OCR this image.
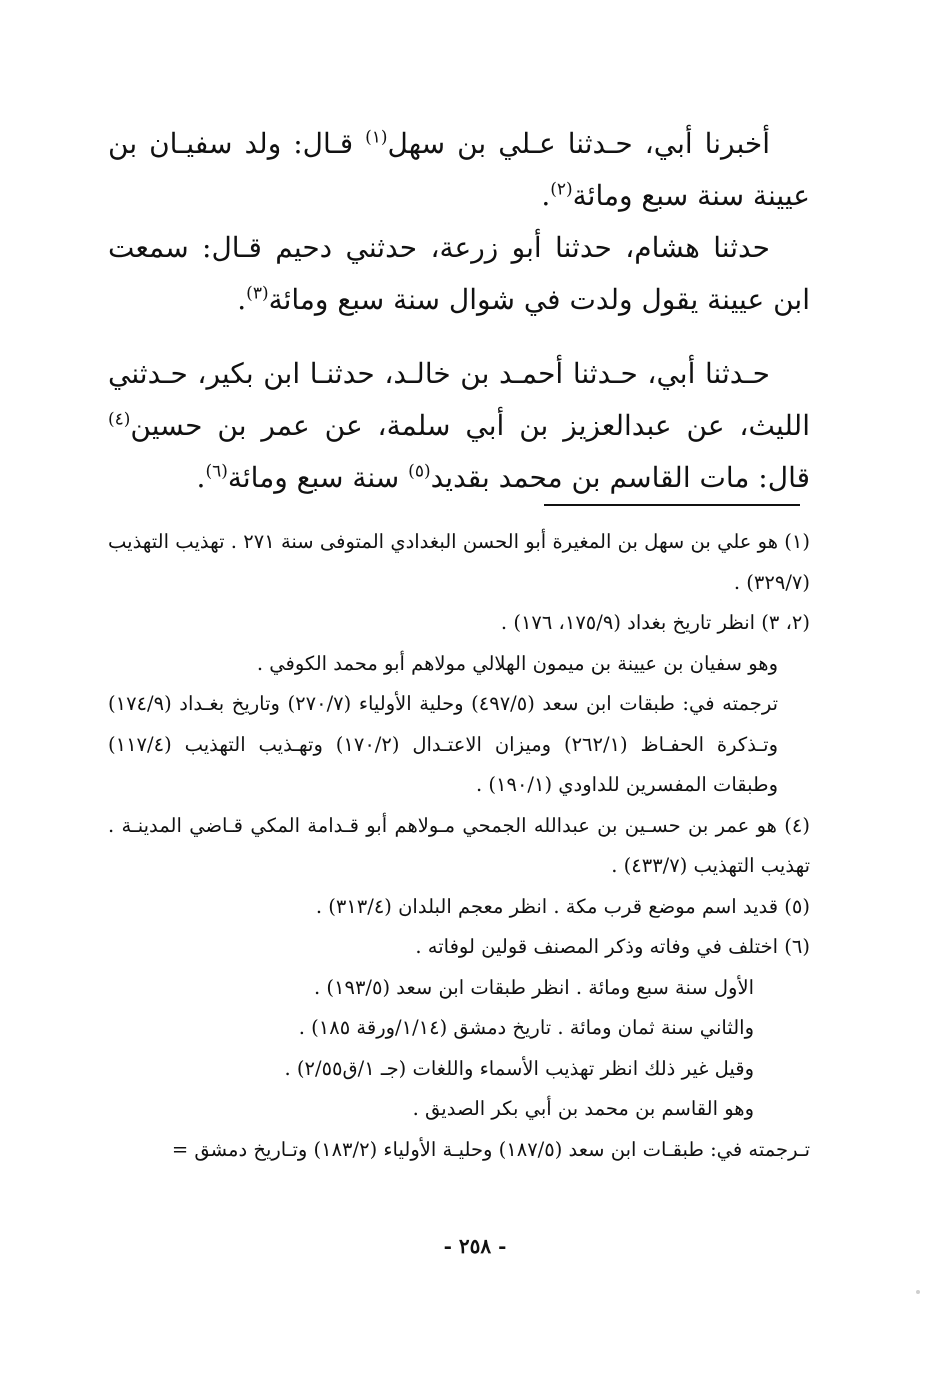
أخبرنا أبي، حـدثنا عـلي بن سهل$^{(١)}$ قـال: ولد سفيـان بن عيينة سنة سبع ومائة$^{(٢)}$.

حدثنا هشام، حدثنا أبو زرعة، حدثني دحيم قـال: سمعت ابن عيينة يقول ولدت في شوال سنة سبع ومائة$^{(٣)}$.

حـدثنا أبي، حـدثنا أحمـد بن خالـد، حدثنـا ابن بكير، حـدثني الليث، عن عبدالعزيز بن أبي سلمة، عن عمر بن حسين$^{(٤)}$ قال: مات القاسم بن محمد بقديد$^{(٥)}$ سنة سبع ومائة$^{(٦)}$.

(١) هو علي بن سهل بن المغيرة أبو الحسن البغدادي المتوفى سنة ٢٧١ . تهذيب التهذيب (٣٢٩/٧) .

(٢، ٣) انظر تاريخ بغداد (١٧٥/٩، ١٧٦) .

وهو سفيان بن عيينة بن ميمون الهلالي مولاهم أبو محمد الكوفي .

ترجمته في: طبقات ابن سعد (٤٩٧/٥) وحلية الأولياء (٢٧٠/٧) وتاريخ بغـداد (١٧٤/٩) وتـذكرة الحفـاظ (٢٦٢/١) وميزان الاعتـدال (١٧٠/٢) وتهـذيب التهذيب (١١٧/٤) وطبقات المفسرين للداودي (١٩٠/١) .

(٤) هو عمر بن حسـين بن عبدالله الجمحي مـولاهم أبو قـدامة المكي قـاضي المدينـة . تهذيب التهذيب (٤٣٣/٧) .

(٥) قديد اسم موضع قرب مكة . انظر معجم البلدان (٣١٣/٤) .

(٦) اختلف في وفاته وذكر المصنف قولين لوفاته .

الأول سنة سبع ومائة . انظر طبقات ابن سعد (١٩٣/٥) .

والثاني سنة ثمان ومائة . تاريخ دمشق (١/١٤/ورقة ١٨٥) .

وقيل غير ذلك انظر تهذيب الأسماء واللغات (جـ ١/ق٢/٥٥) .

وهو القاسم بن محمد بن أبي بكر الصديق .

تـرجمته في: طبقـات ابن سعد (١٨٧/٥) وحليـة الأولياء (١٨٣/٢) وتـاريخ دمشق =

- ٢٥٨ -
